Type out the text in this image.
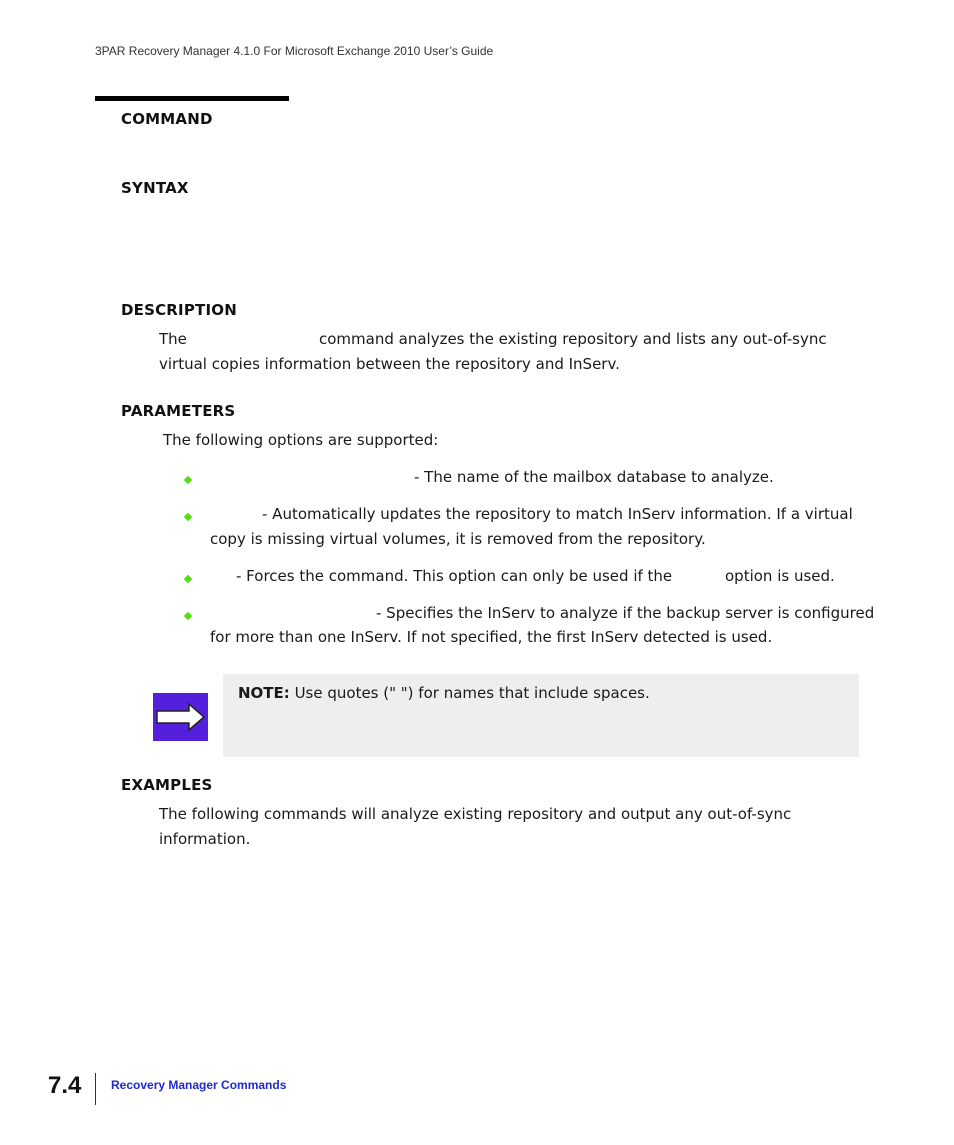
3PAR Recovery Manager 4.1.0 For Microsoft Exchange 2010 User’s Guide
COMMAND
SYNTAX
DESCRIPTION
The	command analyzes the existing repository and lists any out-of-sync
virtual copies information between the repository and InServ.
PARAMETERS
The following options are supported:
- The name of the mailbox database to analyze.
- Automatically updates the repository to match InServ information. If a virtual
copy is missing virtual volumes, it is removed from the repository.
- Forces the command. This option can only be used if the	option is used.
- Specifies the InServ to analyze if the backup server is configured
for more than one InServ. If not specified, the first InServ detected is used.
NOTE: Use quotes (" ") for names that include spaces.
EXAMPLES
The following commands will analyze existing repository and output any out-of-sync
information.
7.4 Recovery Manager Commands
